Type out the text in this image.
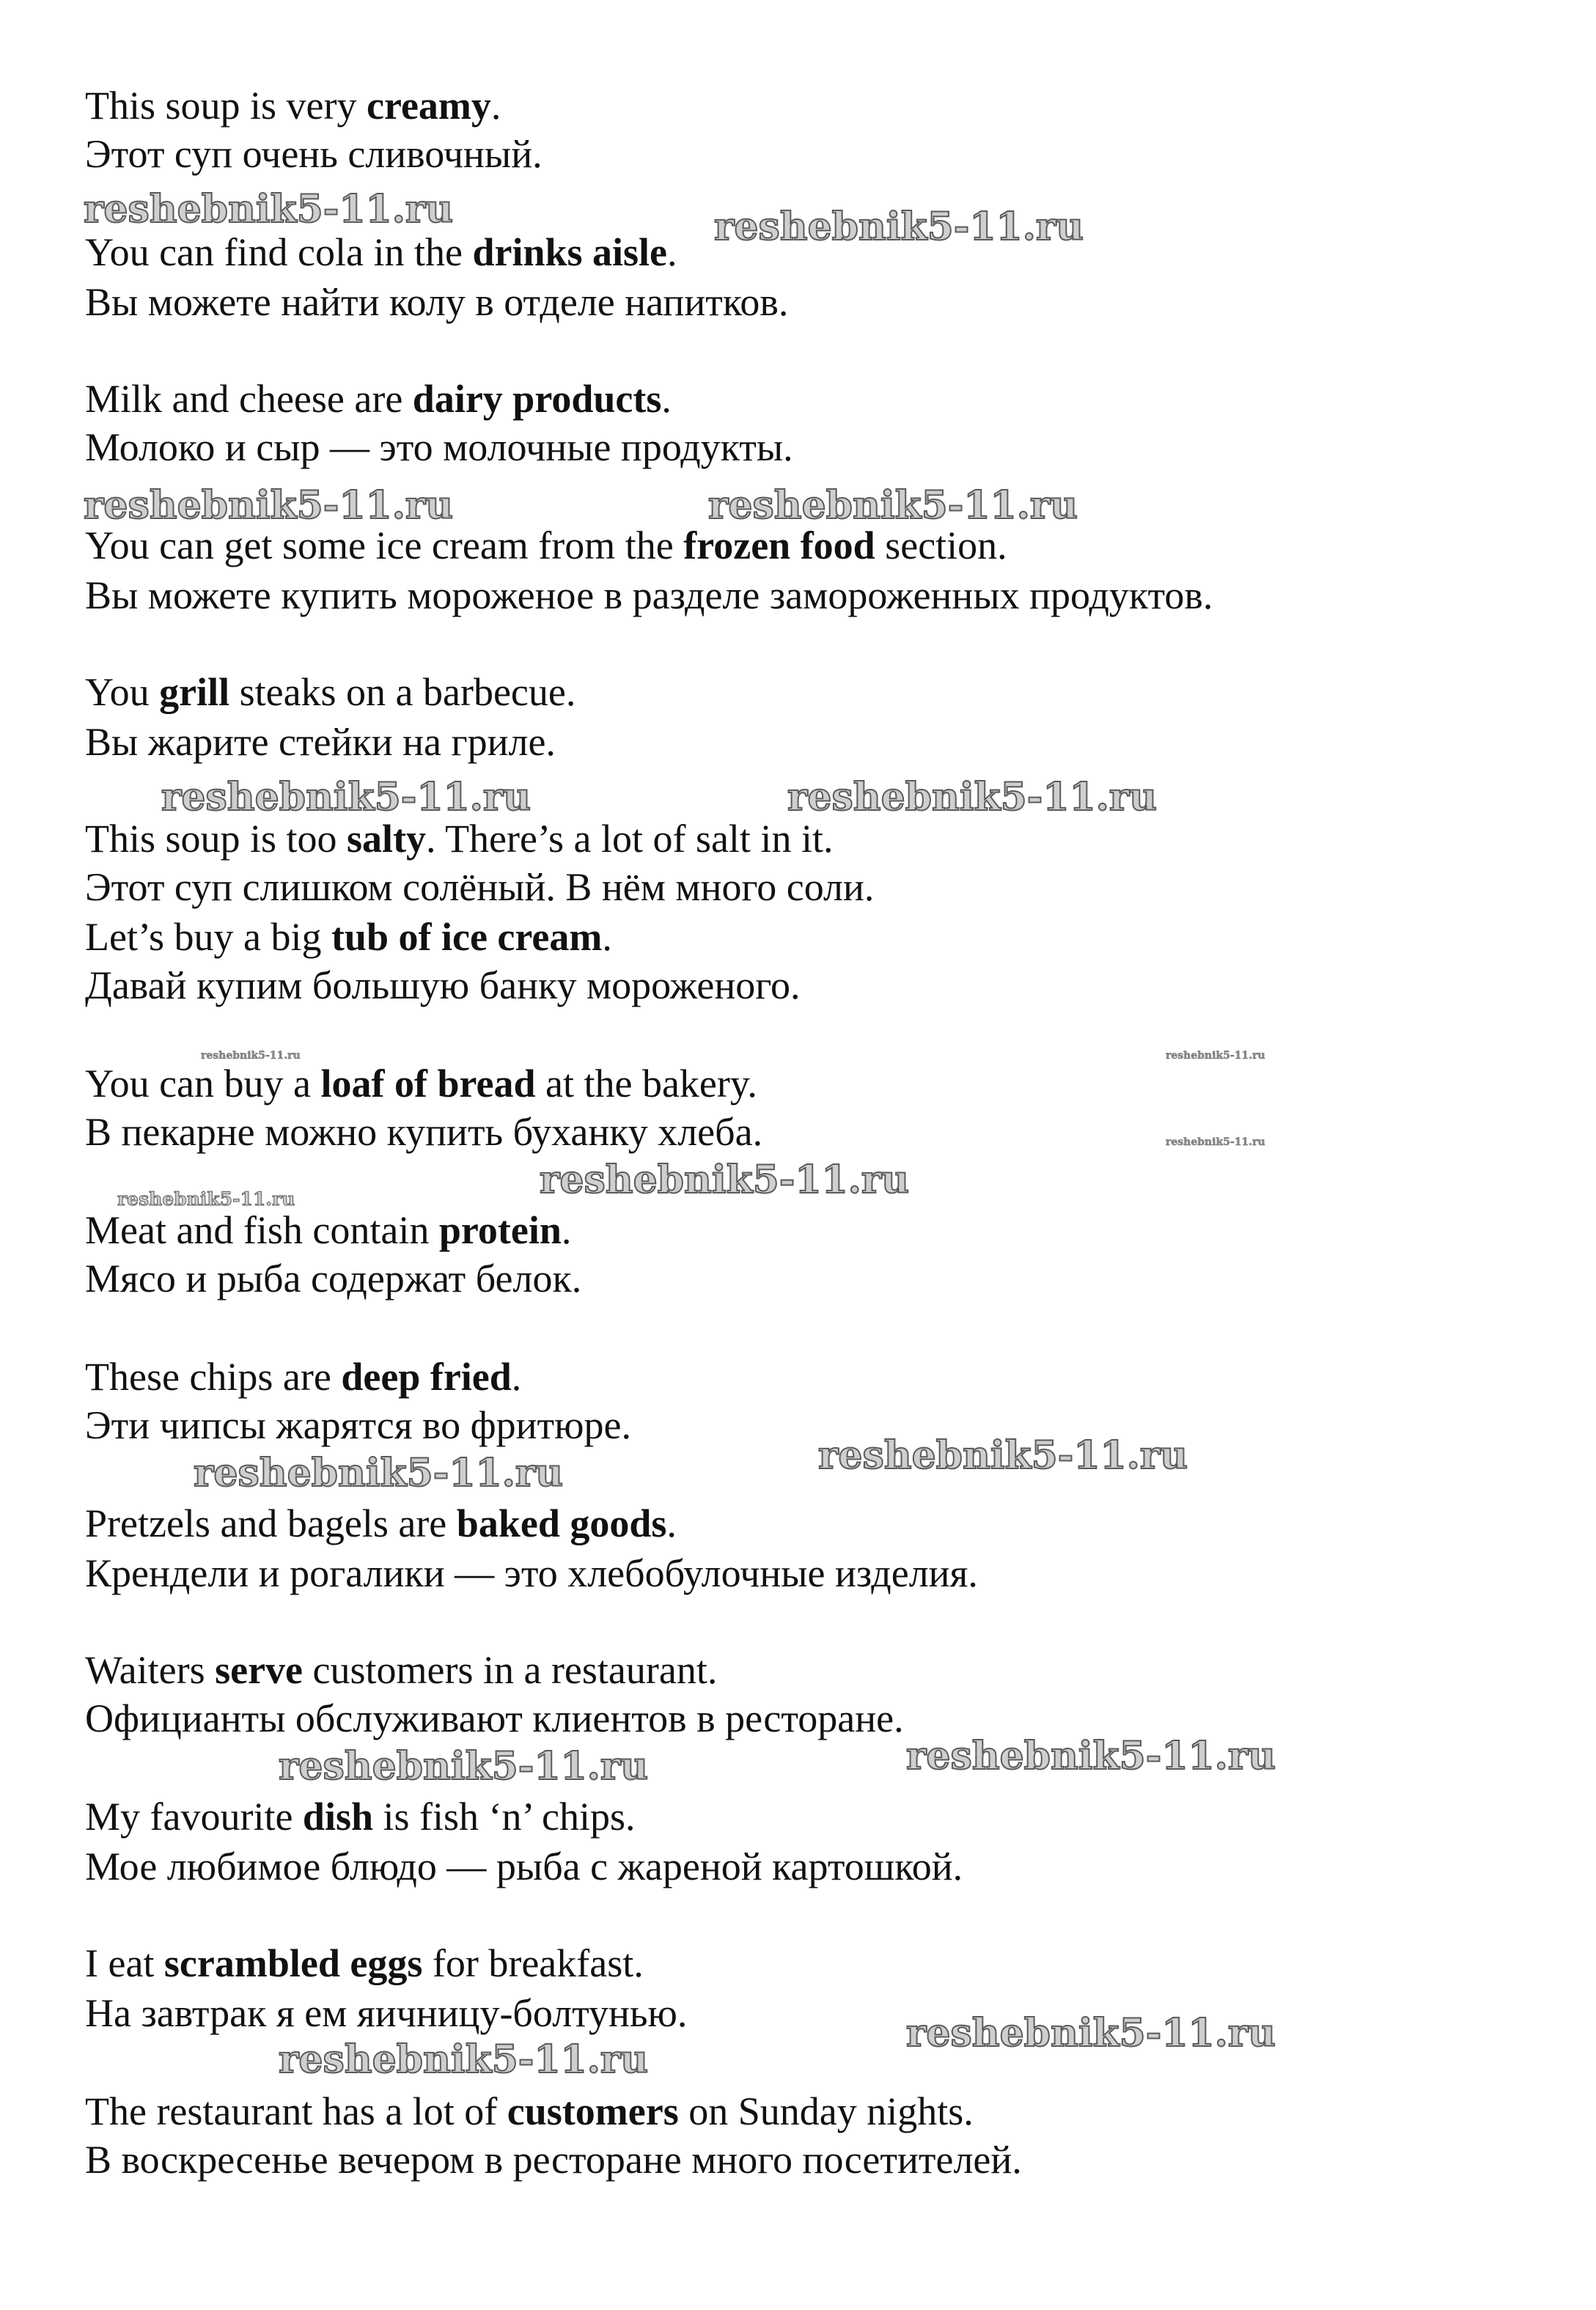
This soup is very creamy.
Этот суп очень сливочный.
You can find cola in the drinks aisle.
Вы можете найти колу в отделе напитков.
Milk and cheese are dairy products.
Молоко и сыр — это молочные продукты.
You can get some ice cream from the frozen food section.
Вы можете купить мороженое в разделе замороженных продуктов.
You grill steaks on a barbecue.
Вы жарите стейки на гриле.
This soup is too salty. There’s a lot of salt in it.
Этот суп слишком солёный. В нём много соли.
Let’s buy a big tub of ice cream.
Давай купим большую банку мороженого.
You can buy a loaf of bread at the bakery.
В пекарне можно купить буханку хлеба.
Meat and fish contain protein.
Мясо и рыба содержат белок.
These chips are deep fried.
Эти чипсы жарятся во фритюре.
Pretzels and bagels are baked goods.
Крендели и рогалики — это хлебобулочные изделия.
Waiters serve customers in a restaurant.
Официанты обслуживают клиентов в ресторане.
My favourite dish is fish ‘n’ chips.
Мое любимое блюдо — рыба с жареной картошкой.
I eat scrambled eggs for breakfast.
На завтрак я ем яичницу-болтунью.
The restaurant has a lot of customers on Sunday nights.
В воскресенье вечером в ресторане много посетителей.
reshebnik5-11.ru	reshebnik5-11.ru
reshebnik5-11.ru	reshebnik5-11.ru
reshebnik5-11.ru	reshebnik5-11.ru
reshebnik5-11.ru	reshebnik5-11.ru
reshebnik5-11.ru
reshebnik5-11.ru	reshebnik5-11.ru
reshebnik5-11.ru	reshebnik5-11.ru
reshebnik5-11.ru	reshebnik5-11.ru
reshebnik5-11.ru
reshebnik5-11.ru
